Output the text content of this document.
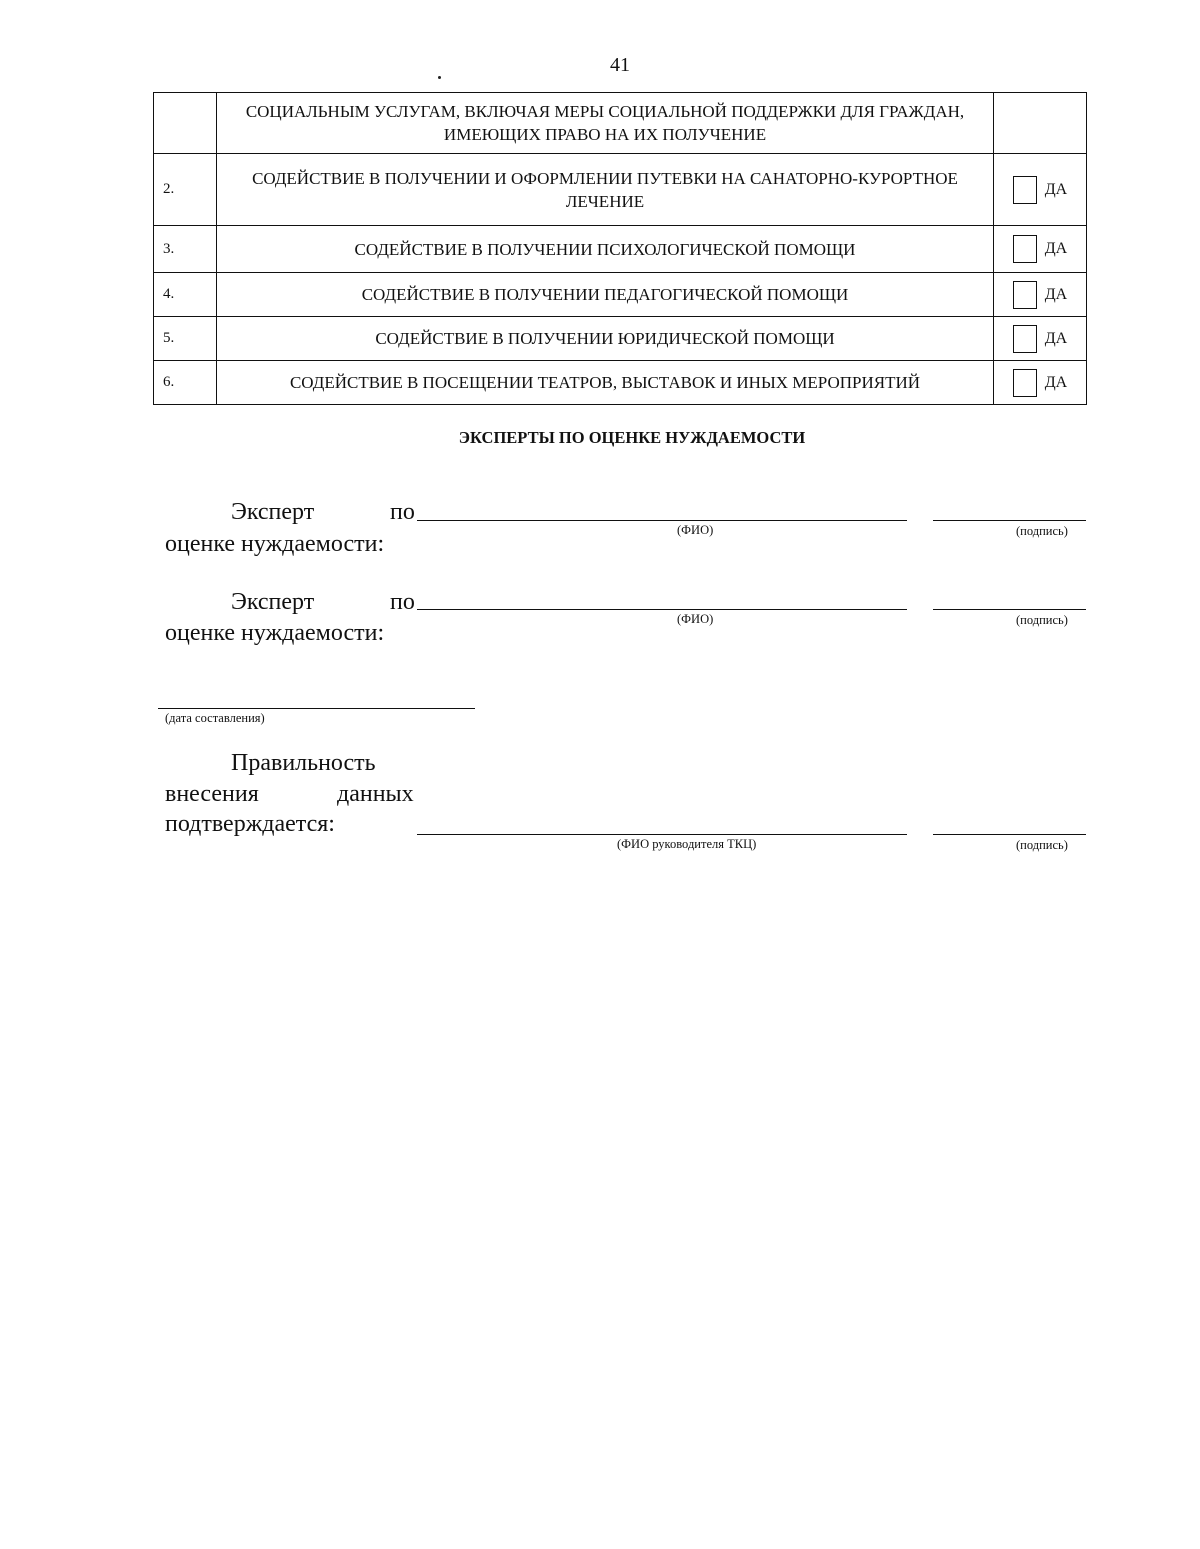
41
	СОЦИАЛЬНЫМ УСЛУГАМ, ВКЛЮЧАЯ МЕРЫ СОЦИАЛЬНОЙ ПОДДЕРЖКИ ДЛЯ ГРАЖДАН, ИМЕЮЩИХ ПРАВО НА ИХ ПОЛУЧЕНИЕ	
2.	СОДЕЙСТВИЕ В ПОЛУЧЕНИИ И ОФОРМЛЕНИИ ПУТЕВКИ НА САНАТОРНО-КУРОРТНОЕ ЛЕЧЕНИЕ	ДА

3.	СОДЕЙСТВИЕ В ПОЛУЧЕНИИ ПСИХОЛОГИЧЕСКОЙ ПОМОЩИ	ДА

4.	СОДЕЙСТВИЕ В ПОЛУЧЕНИИ ПЕДАГОГИЧЕСКОЙ ПОМОЩИ	ДА

5.	СОДЕЙСТВИЕ В ПОЛУЧЕНИИ ЮРИДИЧЕСКОЙ ПОМОЩИ	ДА

6.	СОДЕЙСТВИЕ В ПОСЕЩЕНИИ ТЕАТРОВ, ВЫСТАВОК И ИНЫХ МЕРОПРИЯТИЙ	ДА
ЭКСПЕРТЫ ПО ОЦЕНКЕ НУЖДАЕМОСТИ
Эксперт	по
оценке нуждаемости:
(ФИО)	(подпись)
Эксперт	по
оценке нуждаемости:
(ФИО)	(подпись)
(дата составления)
Правильность
внесения	данных
подтверждается:
(ФИО руководителя ТКЦ)	(подпись)
